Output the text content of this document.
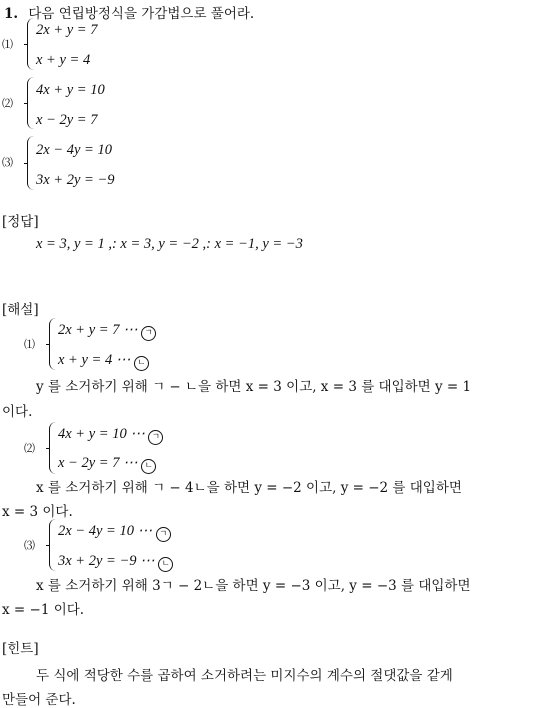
1. 다음 연립방정식을 가감법으로 풀어라.
⑴
2x + y = 7
x + y = 4
⑵
4x + y = 10
x − 2y = 7
⑶
2x − 4y = 10
3x + 2y = −9
[정답]
x = 3, y = 1 ,: x = 3, y = −2 ,: x = −1, y = −3
[해설]
⑴
2x + y = 7 ⋯ ㄱ
x + y = 4 ⋯ ㄴ
y 를 소거하기 위해 ㄱ − ㄴ을 하면 x = 3 이고, x = 3 를 대입하면 y = 1
이다.
⑵
4x + y = 10 ⋯ ㄱ
x − 2y = 7 ⋯ ㄴ
x 를 소거하기 위해 ㄱ − 4ㄴ을 하면 y = −2 이고, y = −2 를 대입하면
x = 3 이다.
⑶
2x − 4y = 10 ⋯ ㄱ
3x + 2y = −9 ⋯ ㄴ
x 를 소거하기 위해 3ㄱ − 2ㄴ을 하면 y = −3 이고, y = −3 를 대입하면
x = −1 이다.
[힌트]
두 식에 적당한 수를 곱하여 소거하려는 미지수의 계수의 절댓값을 같게
만들어 준다.
